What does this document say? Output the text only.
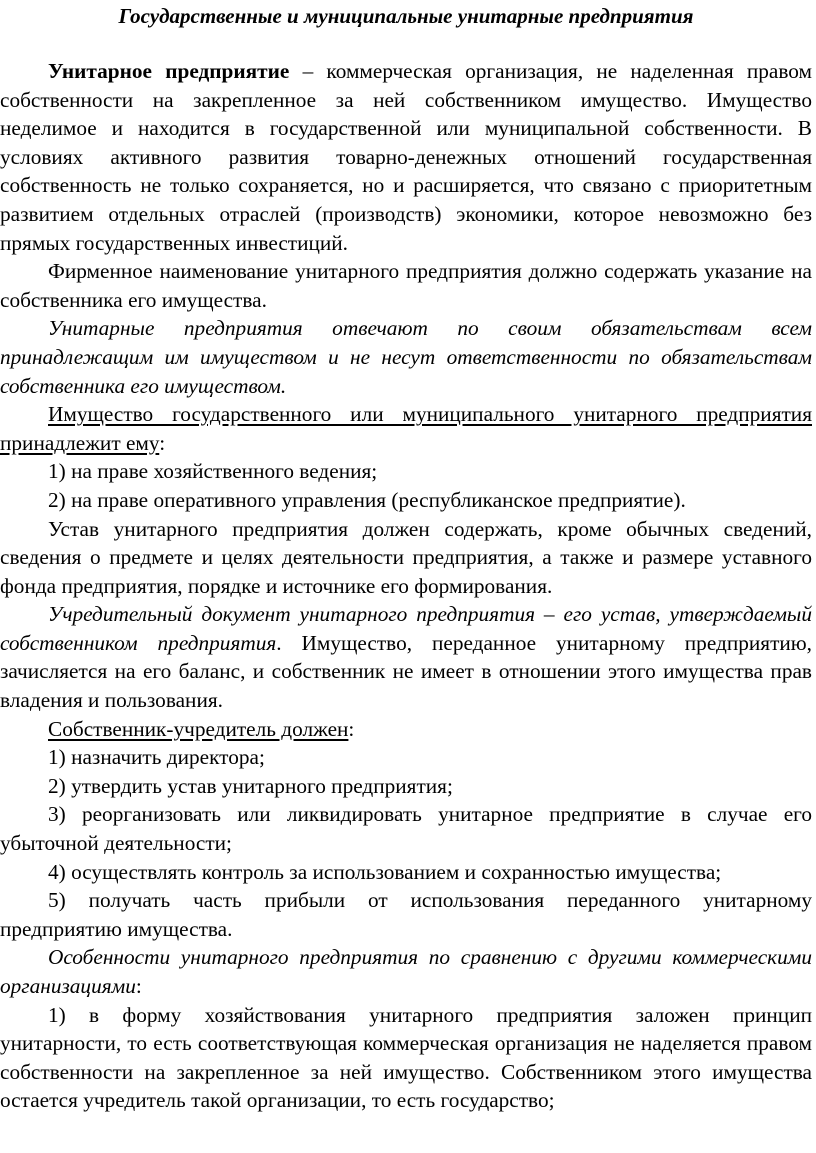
Государственные и муниципальные унитарные предприятия

Унитарное предприятие – коммерческая организация, не наделенная правом собственности на закрепленное за ней собственником имущество. Имущество неделимое и находится в государственной или муниципальной собственности. В условиях активного развития товарно-денежных отношений государственная собственность не только сохраняется, но и расширяется, что связано с приоритетным развитием отдельных отраслей (производств) экономики, которое невозможно без прямых государственных инвестиций.

Фирменное наименование унитарного предприятия должно содержать указание на собственника его имущества.

Унитарные предприятия отвечают по своим обязательствам всем принадлежащим им имуществом и не несут ответственности по обязательствам собственника его имуществом.

Имущество государственного или муниципального унитарного предприятия принадлежит ему:

1) на праве хозяйственного ведения;

2) на праве оперативного управления (республиканское предприятие).

Устав унитарного предприятия должен содержать, кроме обычных сведений, сведения о предмете и целях деятельности предприятия, а также и размере уставного фонда предприятия, порядке и источнике его формирования.

Учредительный документ унитарного предприятия – его устав, утверждаемый собственником предприятия. Имущество, переданное унитарному предприятию, зачисляется на его баланс, и собственник не имеет в отношении этого имущества прав владения и пользования.

Собственник-учредитель должен:

1) назначить директора;

2) утвердить устав унитарного предприятия;

3) реорганизовать или ликвидировать унитарное предприятие в случае его убыточной деятельности;

4) осуществлять контроль за использованием и сохранностью имущества;

5) получать часть прибыли от использования переданного унитарному предприятию имущества.

Особенности унитарного предприятия по сравнению с другими коммерческими организациями:

1) в форму хозяйствования унитарного предприятия заложен принцип унитарности, то есть соответствующая коммерческая организация не наделяется правом собственности на закрепленное за ней имущество. Собственником этого имущества остается учредитель такой организации, то есть государство;
